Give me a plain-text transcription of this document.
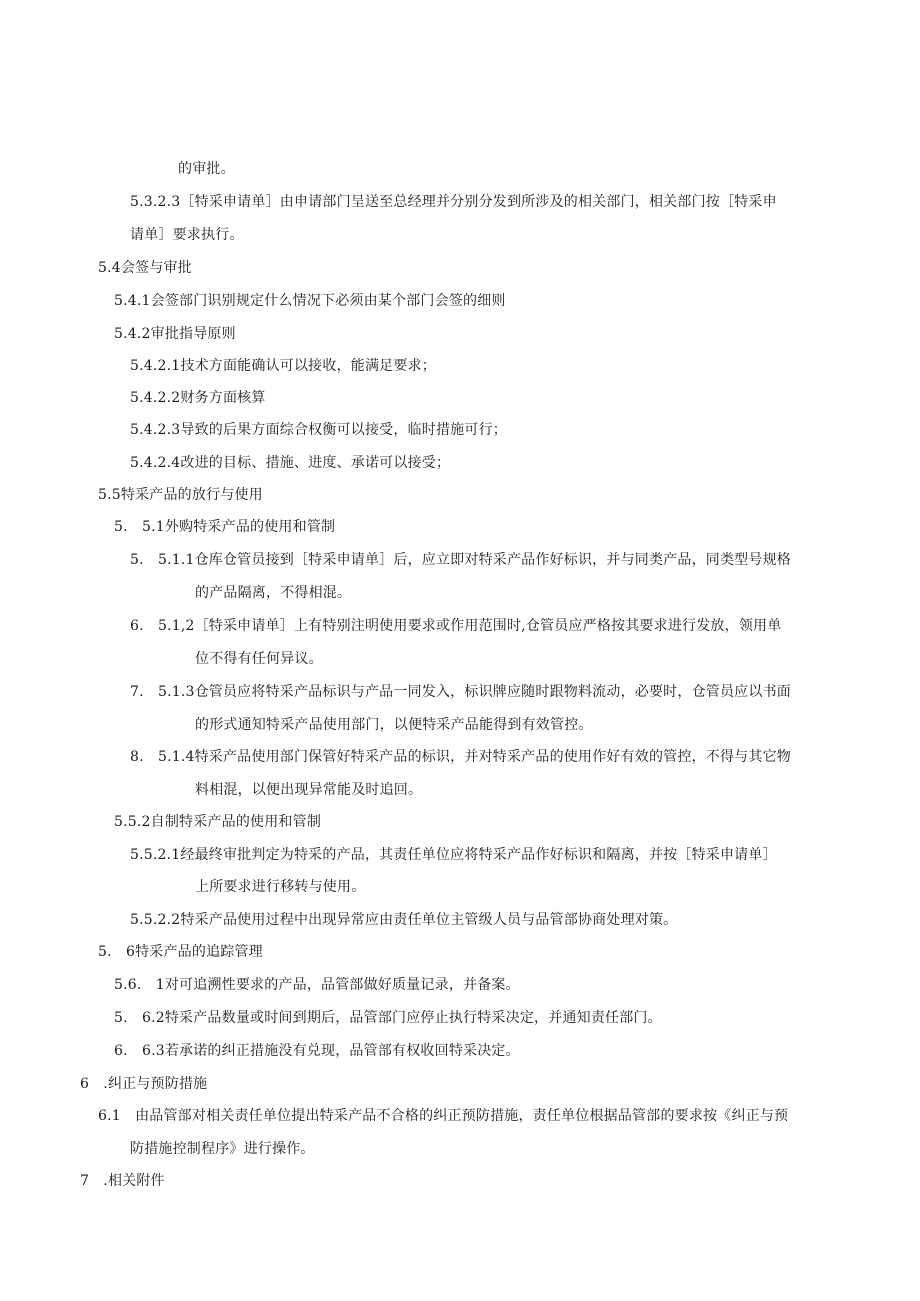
的审批。
5.3.2.3［特采申请单］由申请部门呈送至总经理并分别分发到所涉及的相关部门，相关部门按［特采申
请单］要求执行。
5.4会签与审批
5.4.1会签部门识别规定什么情况下必须由某个部门会签的细则
5.4.2审批指导原则
5.4.2.1技术方面能确认可以接收，能满足要求；
5.4.2.2财务方面核算
5.4.2.3导致的后果方面综合权衡可以接受，临时措施可行；
5.4.2.4改进的目标、措施、进度、承诺可以接受；
5.5特采产品的放行与使用
5.　5.1外购特采产品的使用和管制
5.　5.1.1仓库仓管员接到［特采申请单］后，应立即对特采产品作好标识，并与同类产品，同类型号规格
的产品隔离，不得相混。
6.　5.1,2［特采申请单］上有特别注明使用要求或作用范围时,仓管员应严格按其要求进行发放，领用单
位不得有任何异议。
7.　5.1.3仓管员应将特采产品标识与产品一同发入，标识牌应随时跟物料流动，必要时，仓管员应以书面
的形式通知特采产品使用部门，以便特采产品能得到有效管控。
8.　5.1.4特采产品使用部门保管好特采产品的标识，并对特采产品的使用作好有效的管控，不得与其它物
料相混，以便出现异常能及时追回。
5.5.2自制特采产品的使用和管制
5.5.2.1经最终审批判定为特采的产品，其责任单位应将特采产品作好标识和隔离，并按［特采申请单］
上所要求进行移转与使用。
5.5.2.2特采产品使用过程中出现异常应由责任单位主管级人员与品管部协商处理对策。
5.　6特采产品的追踪管理
5.6.　1对可追溯性要求的产品，品管部做好质量记录，并备案。
5.　6.2特采产品数量或时间到期后，品管部门应停止执行特采决定，并通知责任部门。
6.　6.3若承诺的纠正措施没有兑现，品管部有权收回特采决定。
6　.纠正与预防措施
6.1　由品管部对相关责任单位提出特采产品不合格的纠正预防措施，责任单位根据品管部的要求按《纠正与预
防措施控制程序》进行操作。
7　.相关附件
